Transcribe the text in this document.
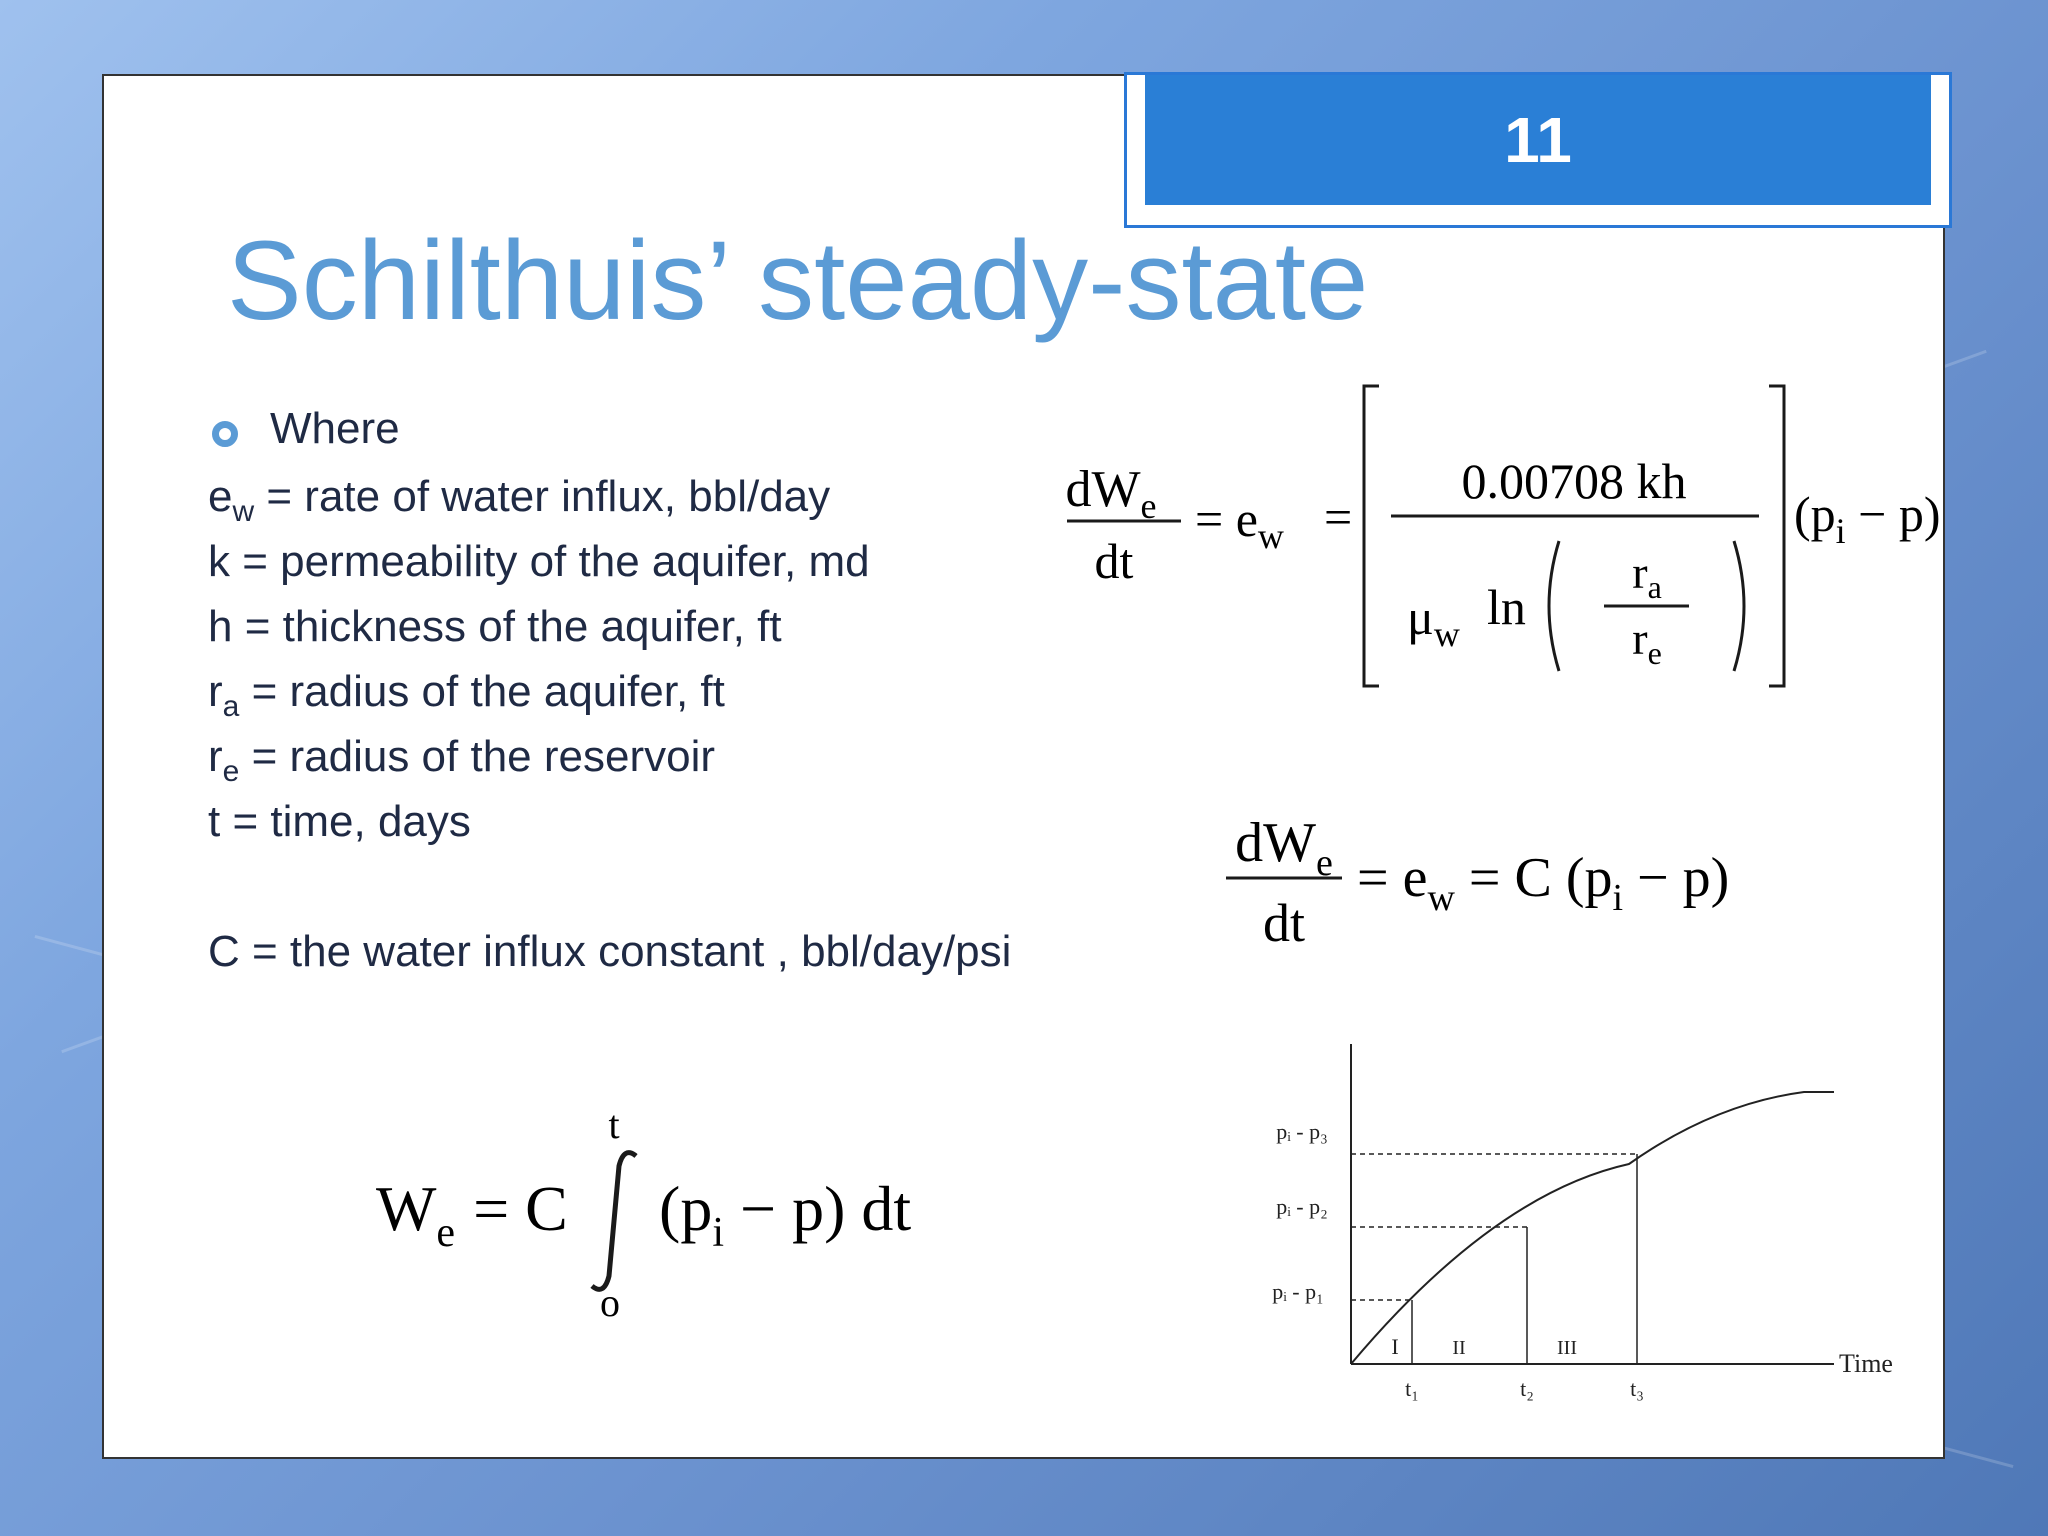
11
Schilthuis’ steady-state
Where
$e_w$ = rate of water influx, bbl/day
k = permeability of the aquifer, md
h = thickness of the aquifer, ft
$r_a$ = radius of the aquifer, ft
$r_e$ = radius of the reservoir
t = time, days
C = the water influx constant , bbl/day/psi
$dW_e$
dt
= $e_w$ =
0.00708 kh
$\mu_w$ ln
$r_a$
$r_e$
$(p_i - p)$
$dW_e$
dt
= $e_w = C$ $(p_i - p)$
$W_e = C$
t
o
$(p_i - p)$ dt
pᵢ - p₃
pᵢ - p₂
pᵢ - p₁
I	II	III
t₁	t₂	t₃
Time
